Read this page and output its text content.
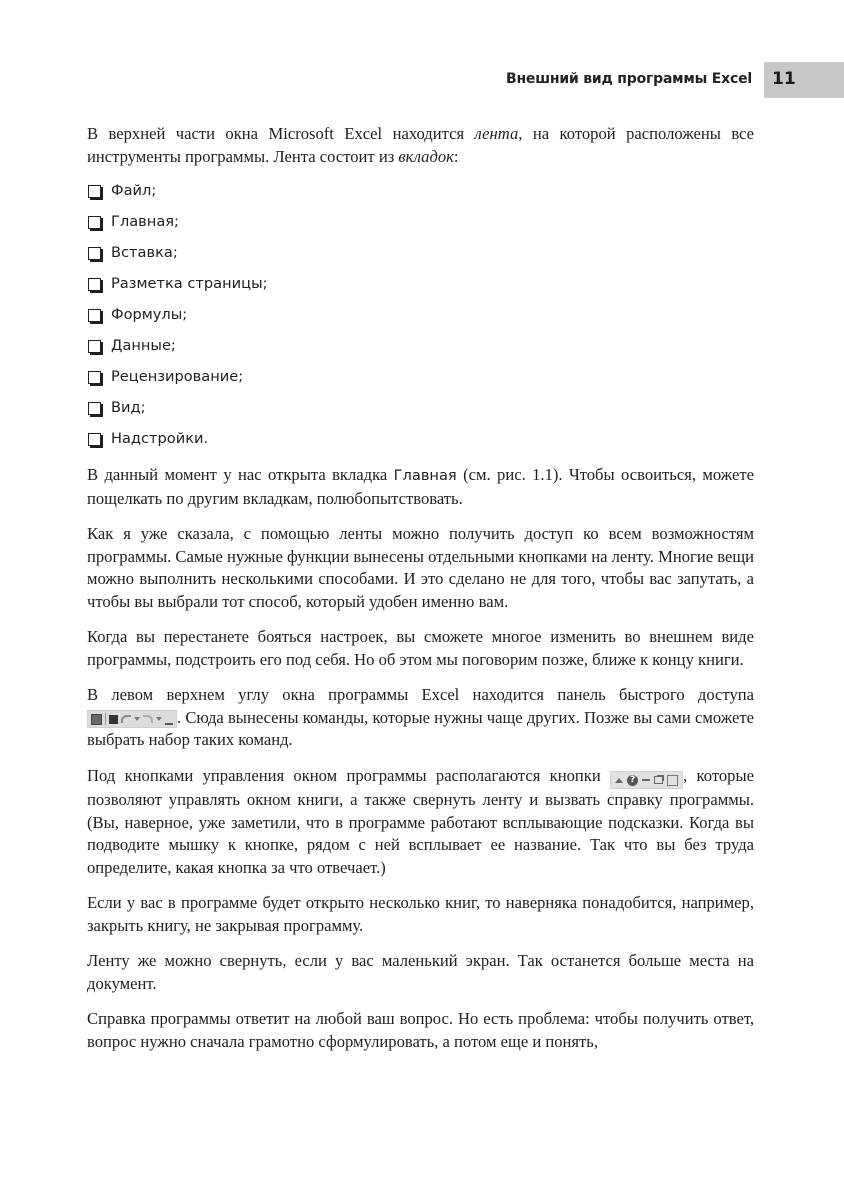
Внешний вид программы Excel 11

В верхней части окна Microsoft Excel находится лента, на которой расположены все инструменты программы. Лента состоит из вкладок:

Файл;
Главная;
Вставка;
Разметка страницы;
Формулы;
Данные;
Рецензирование;
Вид;
Надстройки.

В данный момент у нас открыта вкладка Главная (см. рис. 1.1). Чтобы освоиться, можете пощелкать по другим вкладкам, полюбопытствовать.

Как я уже сказала, с помощью ленты можно получить доступ ко всем возможностям программы. Самые нужные функции вынесены отдельными кнопками на ленту. Многие вещи можно выполнить несколькими способами. И это сделано не для того, чтобы вас запутать, а чтобы вы выбрали тот способ, который удобен именно вам.

Когда вы перестанете бояться настроек, вы сможете многое изменить во внешнем виде программы, подстроить его под себя. Но об этом мы поговорим позже, ближе к концу книги.

В левом верхнем углу окна программы Excel находится панель быстрого доступа
. Сюда вынесены команды, которые нужны чаще других. Позже вы сами сможете выбрать набор таких команд.

Под кнопками управления окном программы располагаются кнопки	?	, которые позволяют управлять окном книги, а также свернуть ленту и вызвать справку программы. (Вы, наверное, уже заметили, что в программе работают всплывающие подсказки. Когда вы подводите мышку к кнопке, рядом с ней всплывает ее название. Так что вы без труда определите, какая кнопка за что отвечает.)

Если у вас в программе будет открыто несколько книг, то наверняка понадобится, например, закрыть книгу, не закрывая программу.

Ленту же можно свернуть, если у вас маленький экран. Так останется больше места на документ.

Справка программы ответит на любой ваш вопрос. Но есть проблема: чтобы получить ответ, вопрос нужно сначала грамотно сформулировать, а потом еще и понять,
